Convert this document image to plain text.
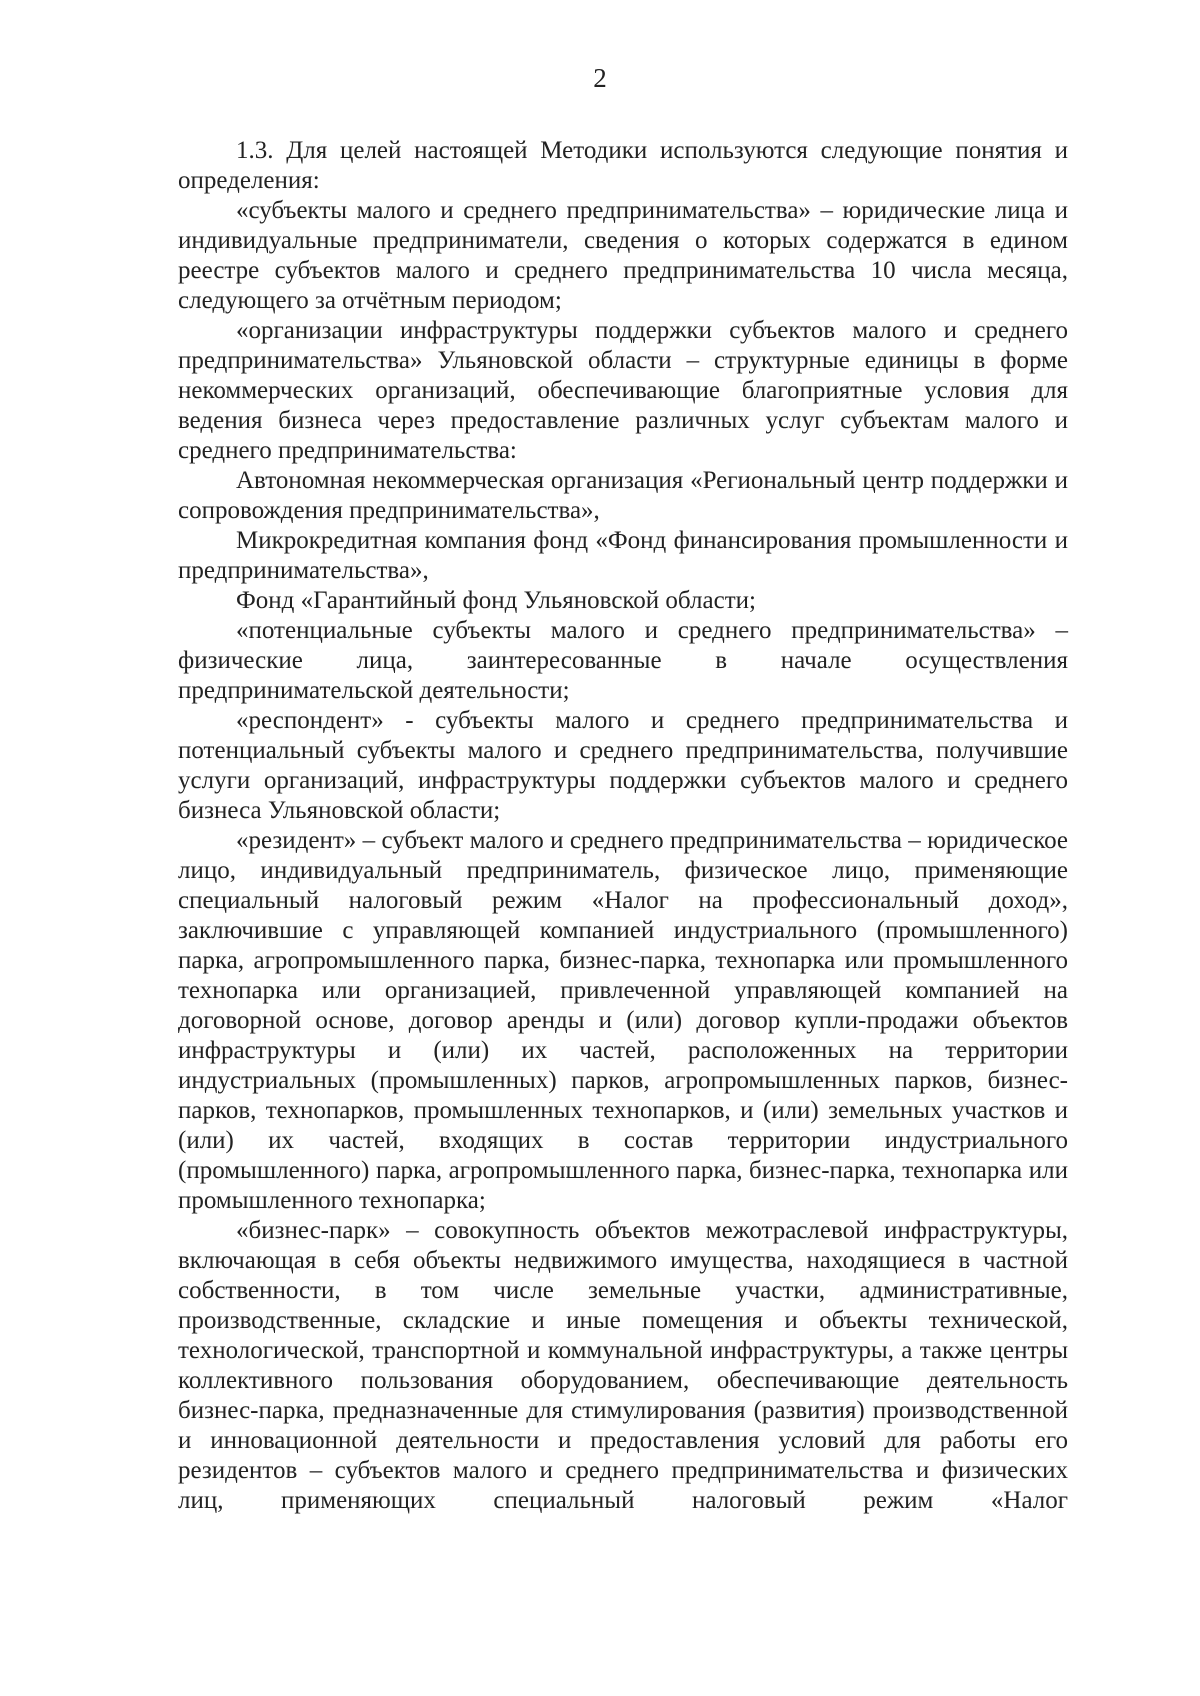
2

1.3. Для целей настоящей Методики используются следующие понятия и определения:

«субъекты малого и среднего предпринимательства» – юридические лица и индивидуальные предприниматели, сведения о которых содержатся в едином реестре субъектов малого и среднего предпринимательства 10 числа месяца, следующего за отчётным периодом;

«организации инфраструктуры поддержки субъектов малого и среднего предпринимательства» Ульяновской области – структурные единицы в форме некоммерческих организаций, обеспечивающие благоприятные условия для ведения бизнеса через предоставление различных услуг субъектам малого и среднего предпринимательства:

Автономная некоммерческая организация «Региональный центр поддержки и сопровождения предпринимательства»,

Микрокредитная компания фонд «Фонд финансирования промышленности и предпринимательства»,

Фонд «Гарантийный фонд Ульяновской области;

«потенциальные субъекты малого и среднего предпринимательства» – физические лица, заинтересованные в начале осуществления предпринимательской деятельности;

«респондент» - субъекты малого и среднего предпринимательства и потенциальный субъекты малого и среднего предпринимательства, получившие услуги организаций, инфраструктуры поддержки субъектов малого и среднего бизнеса Ульяновской области;

«резидент» – субъект малого и среднего предпринимательства – юридическое лицо, индивидуальный предприниматель, физическое лицо, применяющие специальный налоговый режим «Налог на профессиональный доход», заключившие с управляющей компанией индустриального (промышленного) парка, агропромышленного парка, бизнес-парка, технопарка или промышленного технопарка или организацией, привлеченной управляющей компанией на договорной основе, договор аренды и (или) договор купли-продажи объектов инфраструктуры и (или) их частей, расположенных на территории индустриальных (промышленных) парков, агропромышленных парков, бизнес-парков, технопарков, промышленных технопарков, и (или) земельных участков и (или) их частей, входящих в состав территории индустриального (промышленного) парка, агропромышленного парка, бизнес-парка, технопарка или промышленного технопарка;

«бизнес-парк» – совокупность объектов межотраслевой инфраструктуры, включающая в себя объекты недвижимого имущества, находящиеся в частной собственности, в том числе земельные участки, административные, производственные, складские и иные помещения и объекты технической, технологической, транспортной и коммунальной инфраструктуры, а также центры коллективного пользования оборудованием, обеспечивающие деятельность бизнес-парка, предназначенные для стимулирования (развития) производственной и инновационной деятельности и предоставления условий для работы его резидентов – субъектов малого и среднего предпринимательства и физических лиц, применяющих специальный налоговый режим «Налог
